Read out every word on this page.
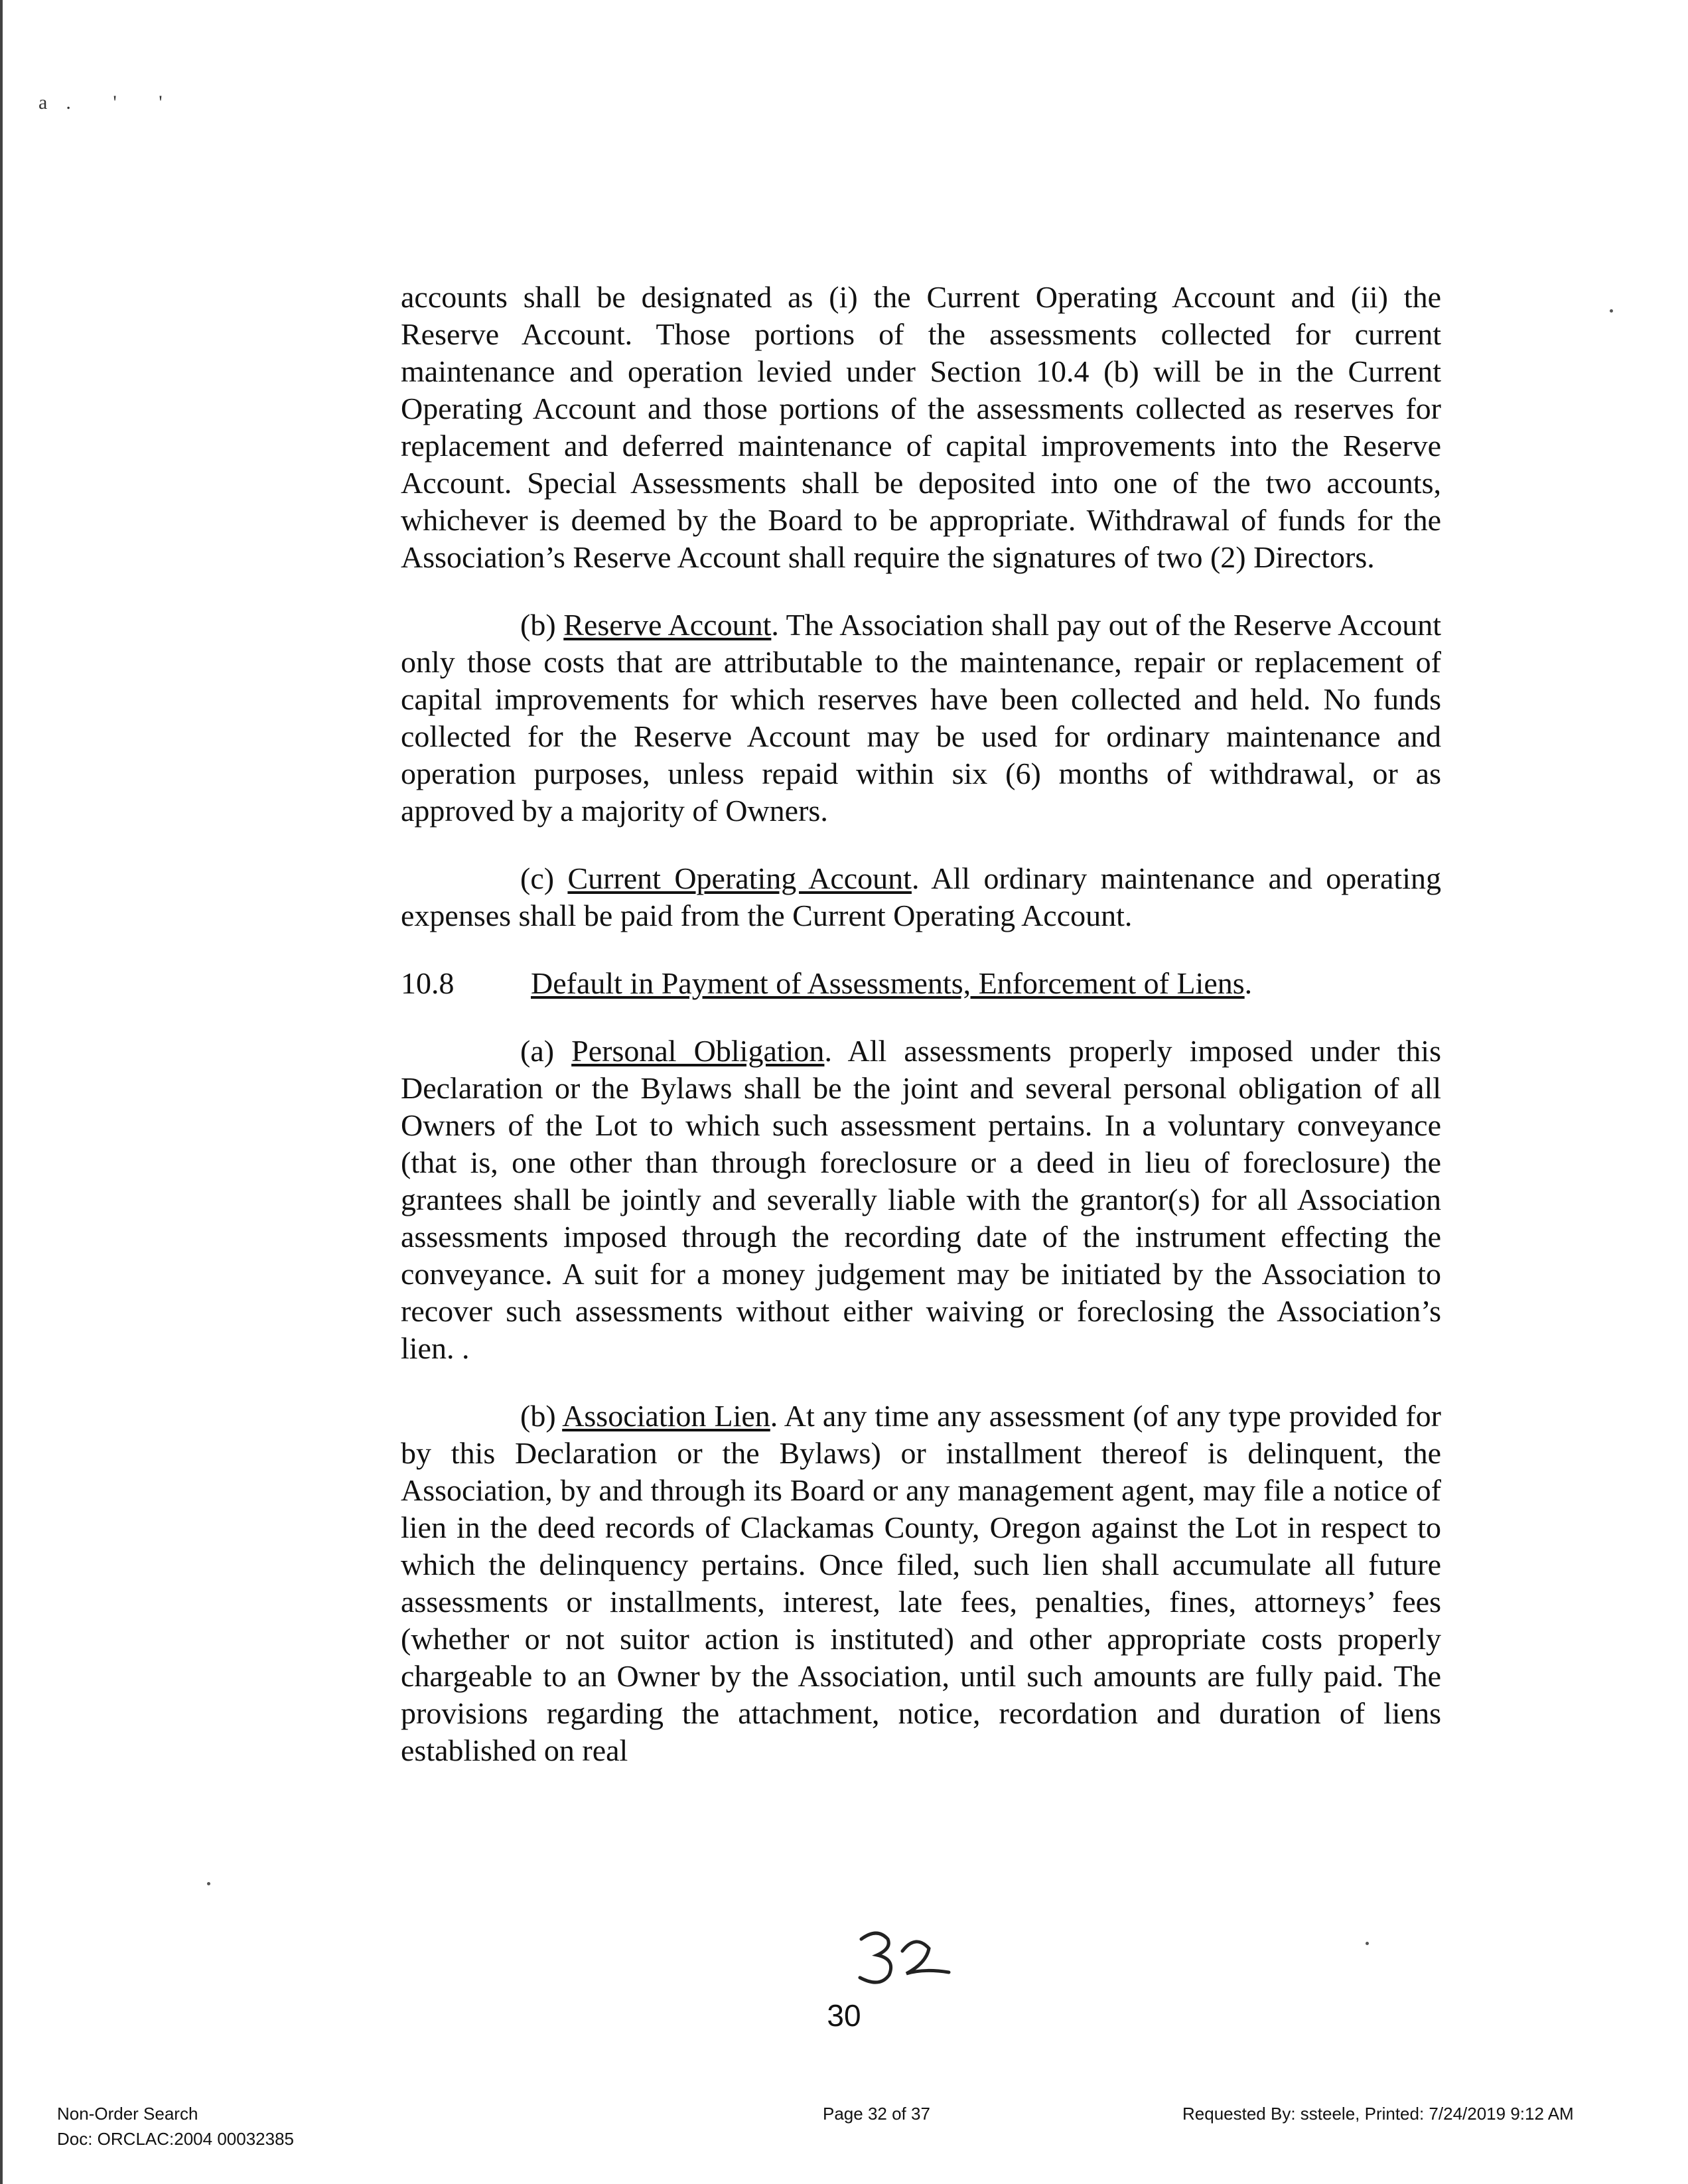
a. ' '

accounts shall be designated as (i) the Current Operating Account and (ii) the Reserve Account. Those portions of the assessments collected for current maintenance and operation levied under Section 10.4 (b) will be in the Current Operating Account and those portions of the assessments collected as reserves for replacement and deferred maintenance of capital improvements into the Reserve Account. Special Assessments shall be deposited into one of the two accounts, whichever is deemed by the Board to be appropriate. Withdrawal of funds for the Association’s Reserve Account shall require the signatures of two (2) Directors.

(b) Reserve Account. The Association shall pay out of the Reserve Account only those costs that are attributable to the maintenance, repair or replacement of capital improvements for which reserves have been collected and held. No funds collected for the Reserve Account may be used for ordinary maintenance and operation purposes, unless repaid within six (6) months of withdrawal, or as approved by a majority of Owners.

(c) Current Operating Account. All ordinary maintenance and operating expenses shall be paid from the Current Operating Account.

10.8	Default in Payment of Assessments, Enforcement of Liens.

(a) Personal Obligation. All assessments properly imposed under this Declaration or the Bylaws shall be the joint and several personal obligation of all Owners of the Lot to which such assessment pertains. In a voluntary conveyance (that is, one other than through foreclosure or a deed in lieu of foreclosure) the grantees shall be jointly and severally liable with the grantor(s) for all Association assessments imposed through the recording date of the instrument effecting the conveyance. A suit for a money judgement may be initiated by the Association to recover such assessments without either waiving or foreclosing the Association’s lien. .

(b) Association Lien. At any time any assessment (of any type provided for by this Declaration or the Bylaws) or installment thereof is delinquent, the Association, by and through its Board or any management agent, may file a notice of lien in the deed records of Clackamas County, Oregon against the Lot in respect to which the delinquency pertains. Once filed, such lien shall accumulate all future assessments or installments, interest, late fees, penalties, fines, attorneys’ fees (whether or not suitor action is instituted) and other appropriate costs properly chargeable to an Owner by the Association, until such amounts are fully paid. The provisions regarding the attachment, notice, recordation and duration of liens established on real

30
Non-Order Search
Doc: ORCLAC:2004 00032385
Page 32 of 37	Requested By: ssteele, Printed: 7/24/2019 9:12 AM
